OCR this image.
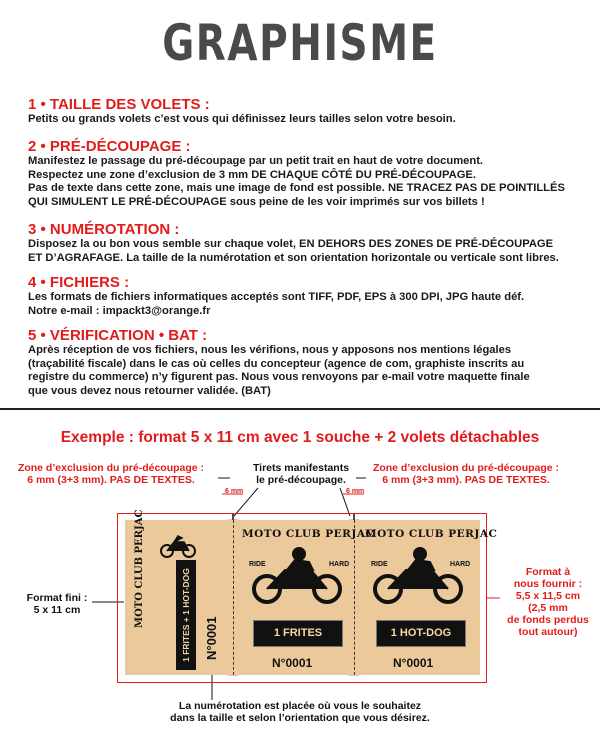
GRAPHISME
1 • TAILLE DES VOLETS :
Petits ou grands volets c’est vous qui définissez leurs tailles selon votre besoin.
2 • PRÉ-DÉCOUPAGE :
Manifestez le passage du pré-découpage par un petit trait en haut de votre document.
Respectez une zone d’exclusion de 3 mm DE CHAQUE CÔTÉ DU PRÉ-DÉCOUPAGE.
Pas de texte dans cette zone, mais une image de fond est possible. NE TRACEZ PAS DE POINTILLÉS
QUI SIMULENT LE PRÉ-DÉCOUPAGE sous peine de les voir imprimés sur vos billets !
3 • NUMÉROTATION :
Disposez la ou bon vous semble sur chaque volet, EN DEHORS DES ZONES DE PRÉ-DÉCOUPAGE
ET D’AGRAFAGE. La taille de la numérotation et son orientation horizontale ou verticale sont libres.
4 • FICHIERS :
Les formats de fichiers informatiques acceptés sont TIFF, PDF, EPS à 300 DPI, JPG haute déf.
Notre e-mail : impackt3@orange.fr
5 • VÉRIFICATION • BAT :
Après réception de vos fichiers, nous les vérifions, nous y apposons nos mentions légales
(traçabilité fiscale) dans le cas où celles du concepteur (agence de com, graphiste inscrits au
registre du commerce) n’y figurent pas. Nous vous renvoyons par e-mail votre maquette finale
que vous devez nous retourner validée. (BAT)
Exemple : format 5 x 11 cm avec 1 souche + 2 volets détachables
Zone d’exclusion du pré-découpage :
6 mm (3+3 mm). PAS DE TEXTES.
Tirets manifestants
le pré-découpage.
Zone d’exclusion du pré-découpage :
6 mm (3+3 mm). PAS DE TEXTES.
6 mm	6 mm
MOTO CLUB PERJAC	1 FRITES + 1 HOT-DOG	N°0001
MOTO CLUB PERJAC
RIDE	HARD
1 FRITES
N°0001
MOTO CLUB PERJAC
RIDE	HARD
1 HOT-DOG
N°0001
Format fini :
5 x 11 cm
Format à
nous fournir :
5,5 x 11,5 cm
(2,5 mm
de fonds perdus
tout autour)
La numérotation est placée où vous le souhaitez
dans la taille et selon l’orientation que vous désirez.
